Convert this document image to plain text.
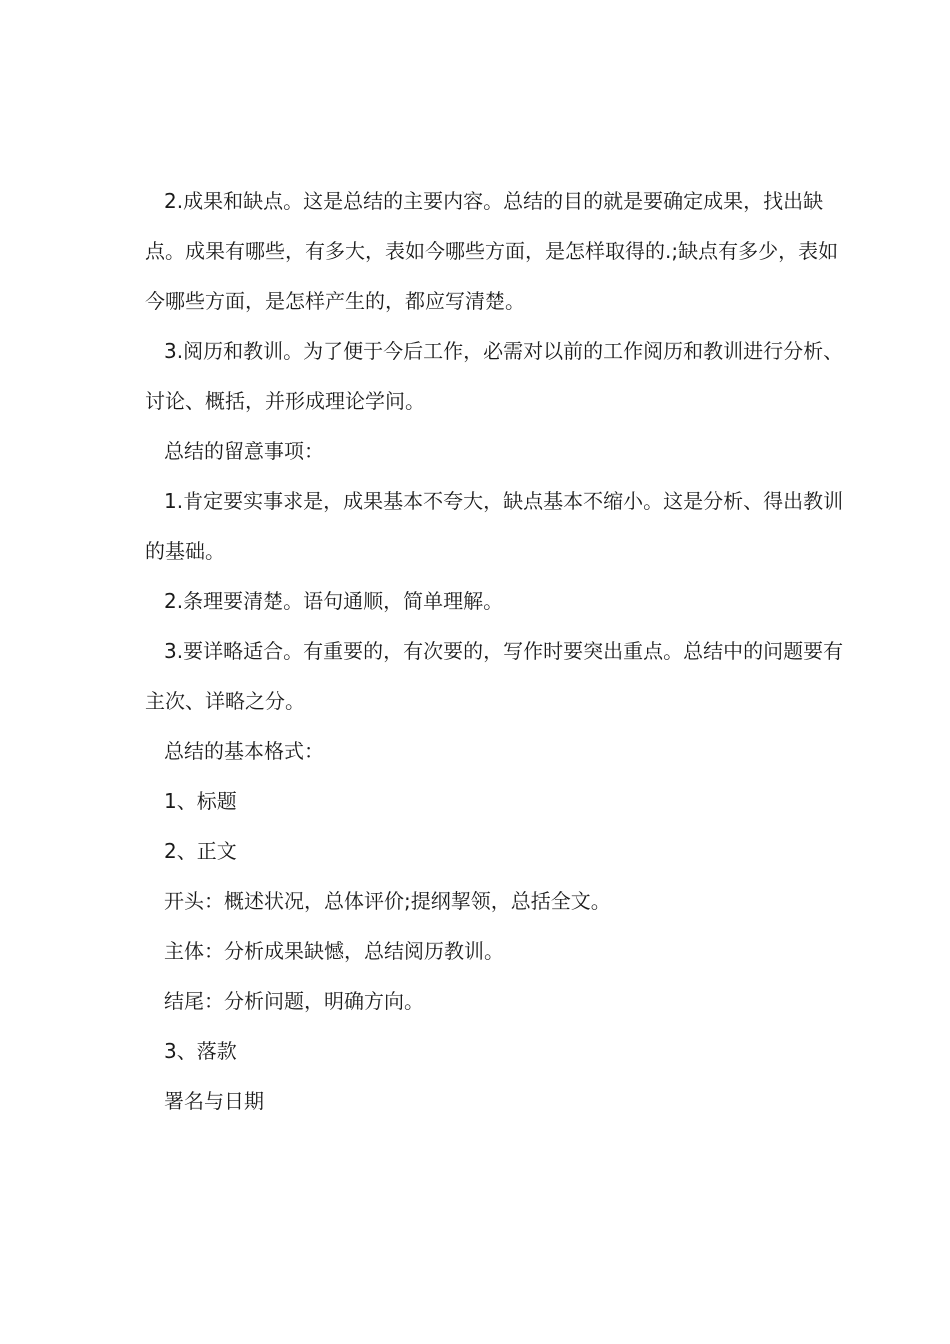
2.成果和缺点。这是总结的主要内容。总结的目的就是要确定成果，找出缺点。成果有哪些，有多大，表如今哪些方面，是怎样取得的.;缺点有多少，表如今哪些方面，是怎样产生的，都应写清楚。

3.阅历和教训。为了便于今后工作，必需对以前的工作阅历和教训进行分析、讨论、概括，并形成理论学问。

总结的留意事项：

1.肯定要实事求是，成果基本不夸大，缺点基本不缩小。这是分析、得出教训的基础。

2.条理要清楚。语句通顺，简单理解。

3.要详略适合。有重要的，有次要的，写作时要突出重点。总结中的问题要有主次、详略之分。

总结的基本格式：

1、标题

2、正文

开头：概述状况，总体评价;提纲挈领，总括全文。

主体：分析成果缺憾，总结阅历教训。

结尾：分析问题，明确方向。

3、落款

署名与日期
